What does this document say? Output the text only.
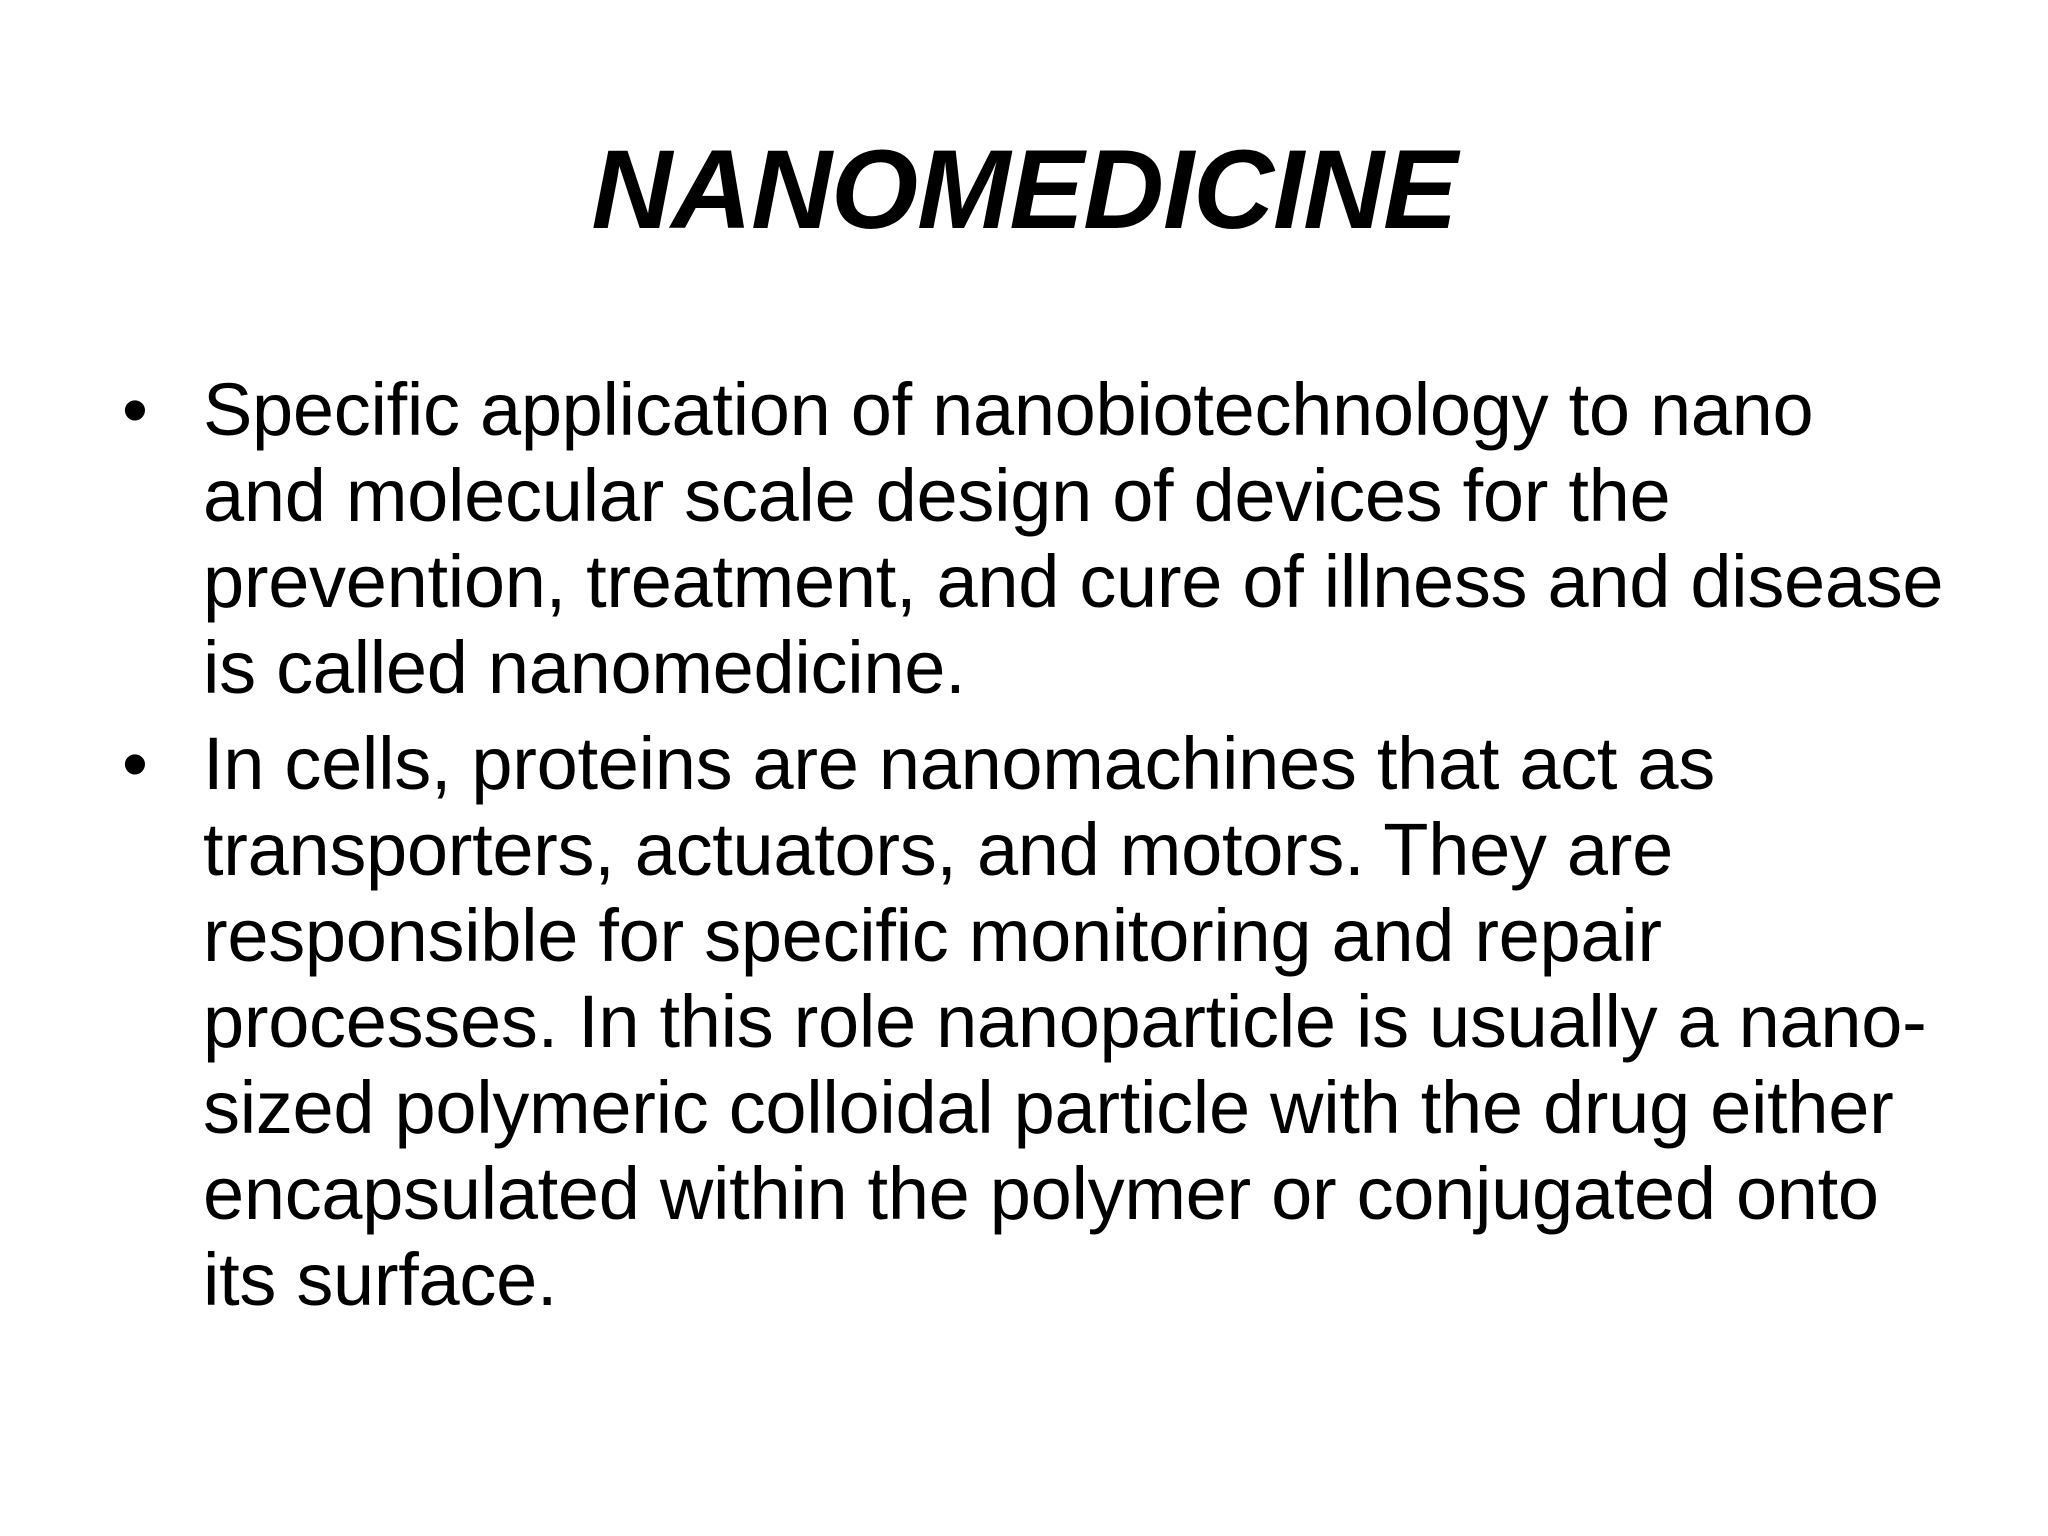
NANOMEDICINE
• Specific application of nanobiotechnology to nano and molecular scale design of devices for the prevention, treatment, and cure of illness and disease is called nanomedicine.
• In cells, proteins are nanomachines that act as transporters, actuators, and motors. They are responsible for specific monitoring and repair processes. In this role nanoparticle is usually a nano-sized polymeric colloidal particle with the drug either encapsulated within the polymer or conjugated onto its surface.
